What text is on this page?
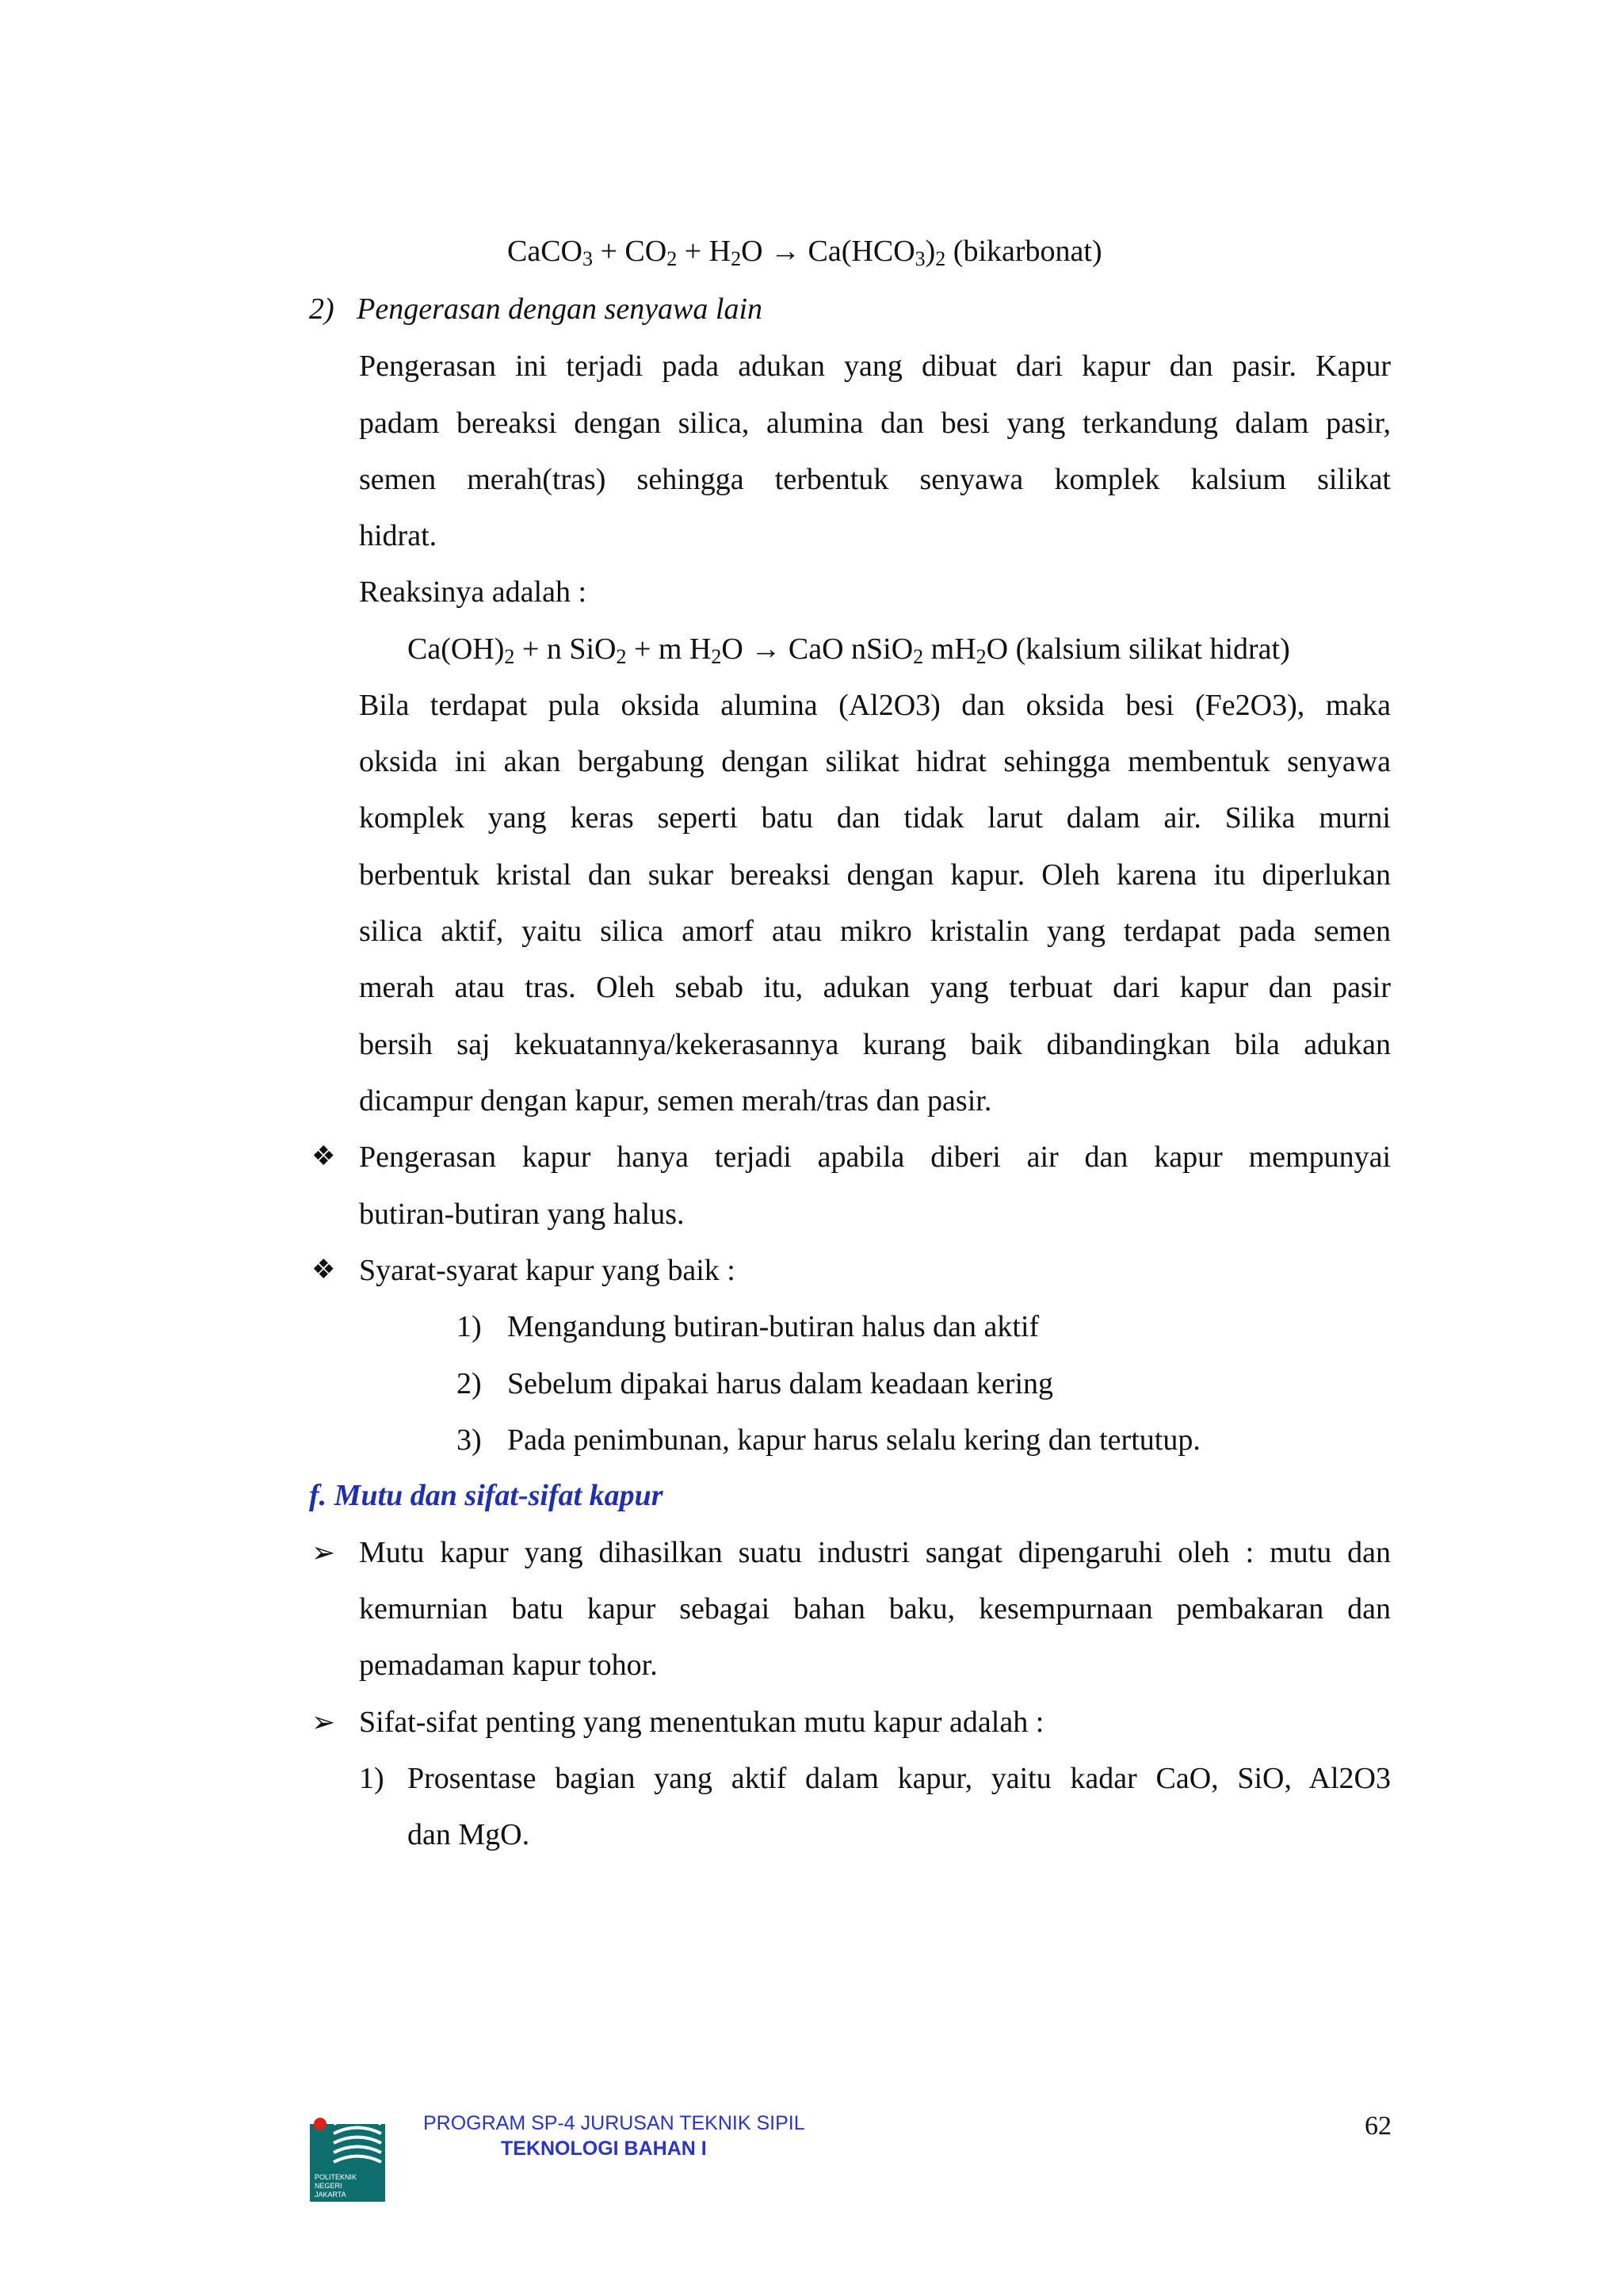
CaCO$_3$ + $CO_2 + H_2O \to Ca(HCO_3)_2$ (bikarbonat)
2)   Pengerasan dengan senyawa lain
Pengerasan ini terjadi pada adukan yang dibuat dari kapur dan pasir. Kapur
padam bereaksi dengan silica, alumina dan besi yang terkandung dalam pasir,
semen merah(tras) sehingga terbentuk senyawa komplek kalsium silikat
hidrat.
Reaksinya adalah :
$Ca(OH)_2 + n$ SiO$_2$ + m $H_2O$ → CaO nSiO$_2$ $mH_2O$ (kalsium silikat hidrat)
Bila terdapat pula oksida alumina (Al2O3) dan oksida besi (Fe2O3), maka
oksida ini akan bergabung dengan silikat hidrat sehingga membentuk senyawa
komplek yang keras seperti batu dan tidak larut dalam air. Silika murni
berbentuk kristal dan sukar bereaksi dengan kapur. Oleh karena itu diperlukan
silica aktif, yaitu silica amorf atau mikro kristalin yang terdapat pada semen
merah atau tras. Oleh sebab itu, adukan yang terbuat dari kapur dan pasir
bersih saj kekuatannya/kekerasannya kurang baik dibandingkan bila adukan
dicampur dengan kapur, semen merah/tras dan pasir.
❖ Pengerasan kapur hanya terjadi apabila diberi air dan kapur mempunyai
butiran-butiran yang halus.
❖ Syarat-syarat kapur yang baik :
1) Mengandung butiran-butiran halus dan aktif
2) Sebelum dipakai harus dalam keadaan kering
3) Pada penimbunan, kapur harus selalu kering dan tertutup.
f. Mutu dan sifat-sifat kapur
➢ Mutu kapur yang dihasilkan suatu industri sangat dipengaruhi oleh : mutu dan
kemurnian batu kapur sebagai bahan baku, kesempurnaan pembakaran dan
pemadaman kapur tohor.
➢ Sifat-sifat penting yang menentukan mutu kapur adalah :
1) Prosentase bagian yang aktif dalam kapur, yaitu kadar CaO, SiO, Al2O3
dan MgO.
POLITEKNIK
NEGERI
JAKARTA
PROGRAM SP-4 JURUSAN TEKNIK SIPIL
TEKNOLOGI BAHAN I
62
